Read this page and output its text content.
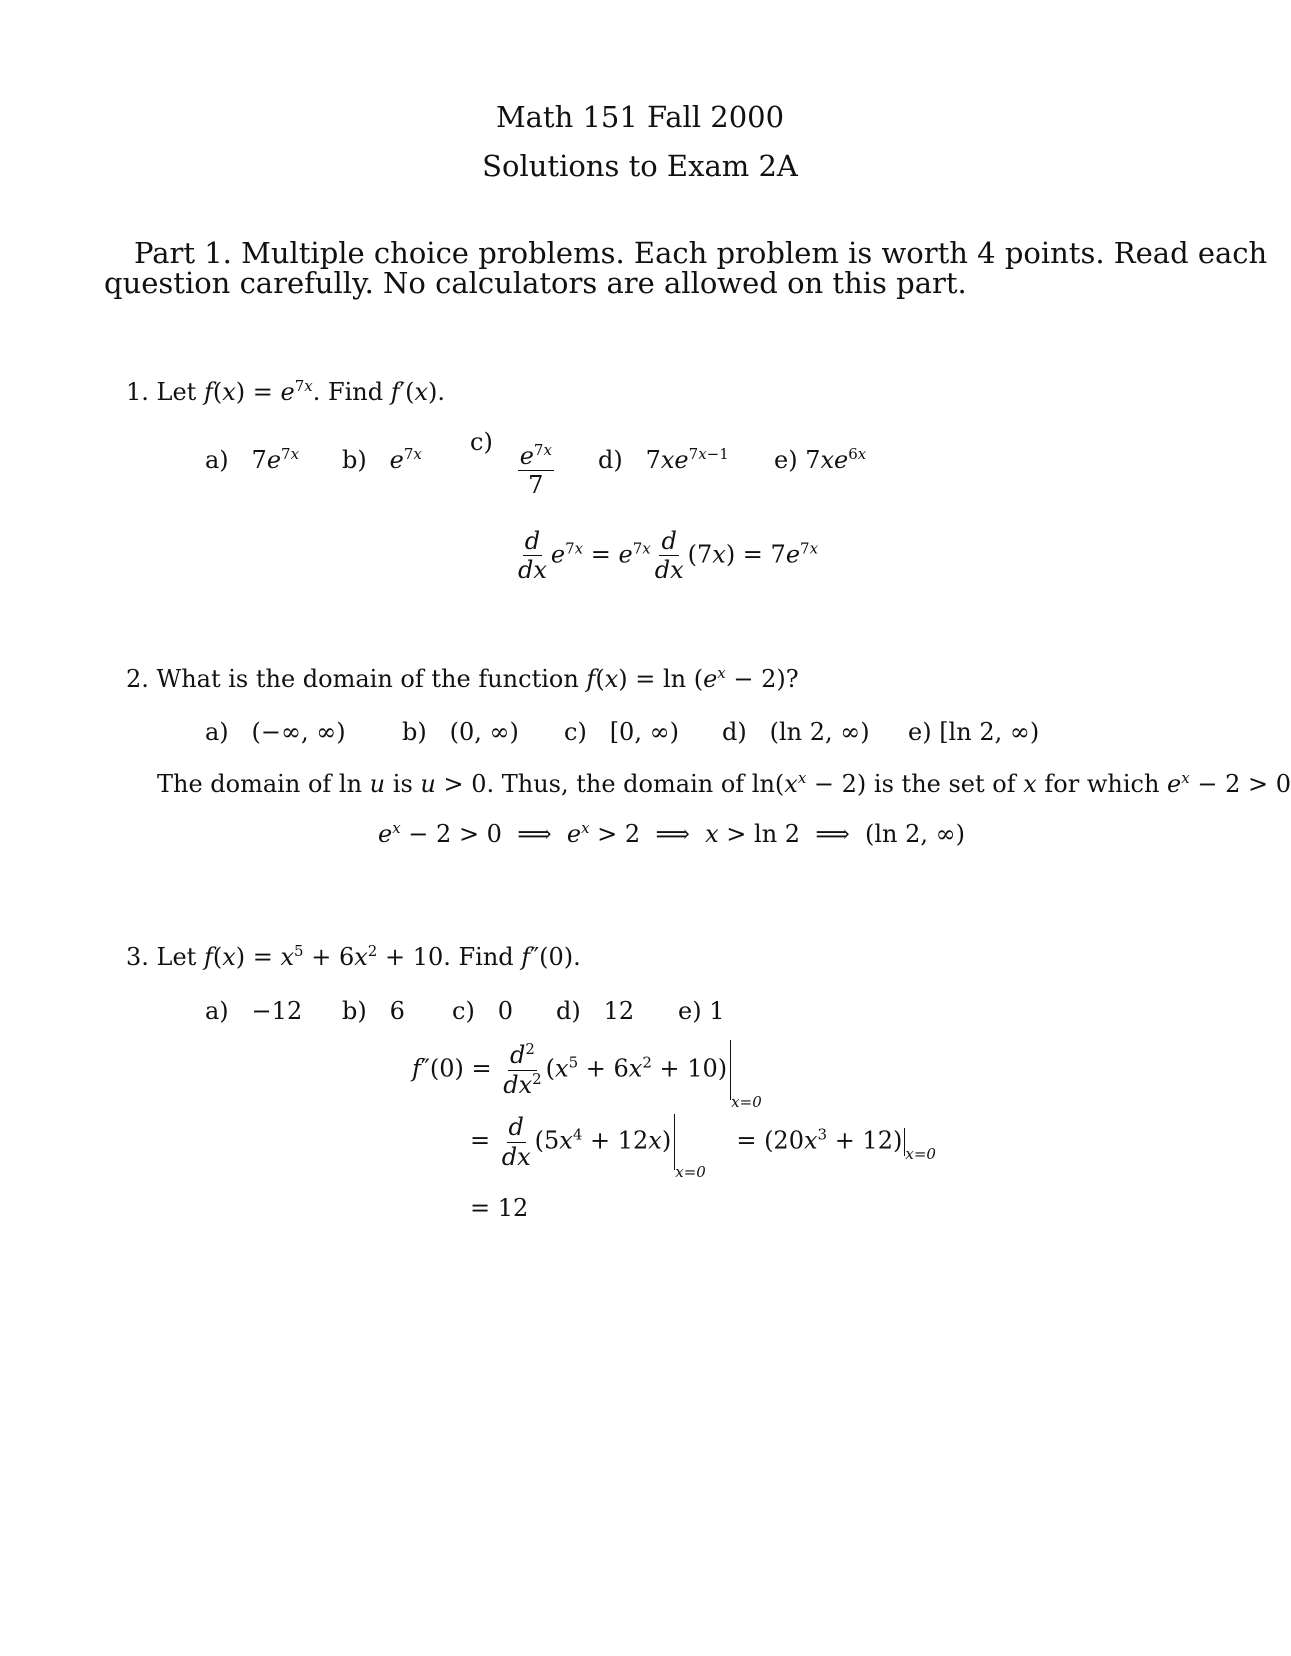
Math 151 Fall 2000
Solutions to Exam 2A
Part 1. Multiple choice problems. Each problem is worth 4 points. Read each
question carefully. No calculators are allowed on this part.
1. Let $f(x) = e^{7x}$. Find f′(x).
a)   $7e^{7x}$ b)   $e^{7x}$ c)
$\frac{e^{7x}}{7} d$)   $7xe^{7x-1}$ e) $7xe^{6x}$
$\frac{d}{dx} e^{7x} = e^{7x} \frac{d}{dx} (7x) = 7e^{7x}$
2. What is the domain of the function $f(x) = \ln (e^x - 2)$?
a)   (−∞, ∞) b)   (0, ∞) c)   [0, ∞) d)   (ln 2, ∞) e) [ln 2, ∞)
The domain of ln u is u > 0. Thus, the domain of $\ln(x^x - 2)$ is the set of x for which $e^x - 2 > 0$
$e^x - 2 > 0$  ⟹  $e^x > 2$  ⟹  x > ln 2  ⟹  (ln 2, ∞)
3. Let $f(x) = x^5 + 6x^2 + 10$. Find f″(0).
a)   −12 b)   6 c)   0 d)   12 e) 1
$f''(0) = \frac{d^2}{dx^2} (x^5 + 6x^2 + 10)_{x=0}$
= $\frac{d}{dx} (5x^4 + 12x)_{x=0}$    = $(20x^3 + 12)$ $_{x=0}$
= 12
